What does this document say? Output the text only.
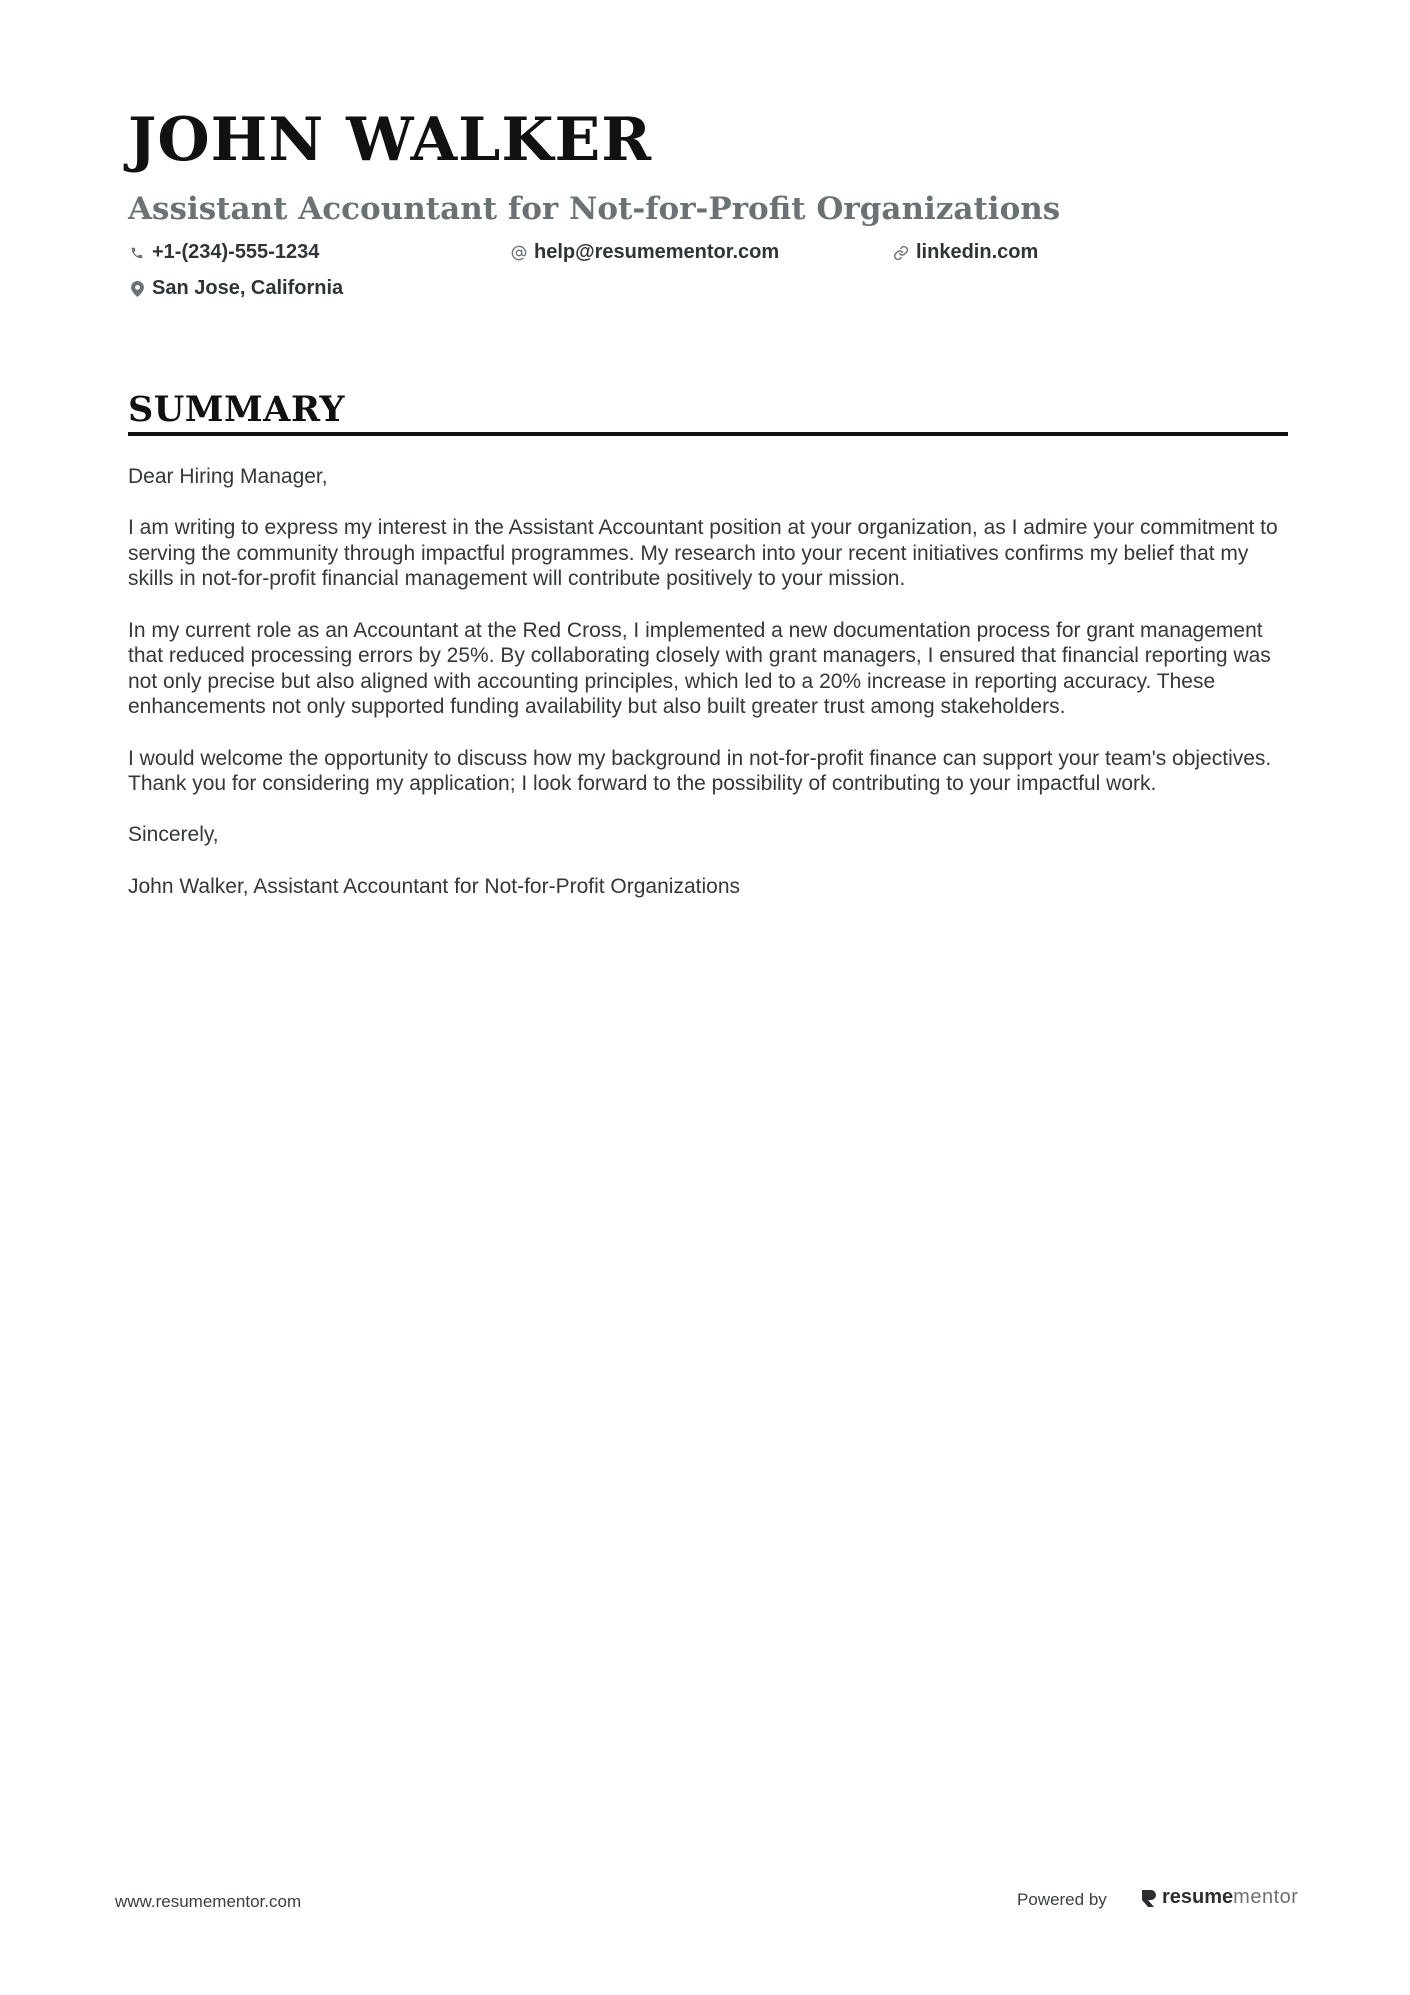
JOHN WALKER
Assistant Accountant for Not-for-Profit Organizations
+1-(234)-555-1234	help@resumementor.com	linkedin.com
San Jose, California
SUMMARY

Dear Hiring Manager,

I am writing to express my interest in the Assistant Accountant position at your organization, as I admire your commitment to serving the community through impactful programmes. My research into your recent initiatives confirms my belief that my skills in not-for-profit financial management will contribute positively to your mission.

In my current role as an Accountant at the Red Cross, I implemented a new documentation process for grant management that reduced processing errors by 25%. By collaborating closely with grant managers, I ensured that financial reporting was not only precise but also aligned with accounting principles, which led to a 20% increase in reporting accuracy. These enhancements not only supported funding availability but also built greater trust among stakeholders.

I would welcome the opportunity to discuss how my background in not-for-profit finance can support your team's objectives. Thank you for considering my application; I look forward to the possibility of contributing to your impactful work.

Sincerely,

John Walker, Assistant Accountant for Not-for-Profit Organizations

www.resumementor.com	Powered by	resume mentor
